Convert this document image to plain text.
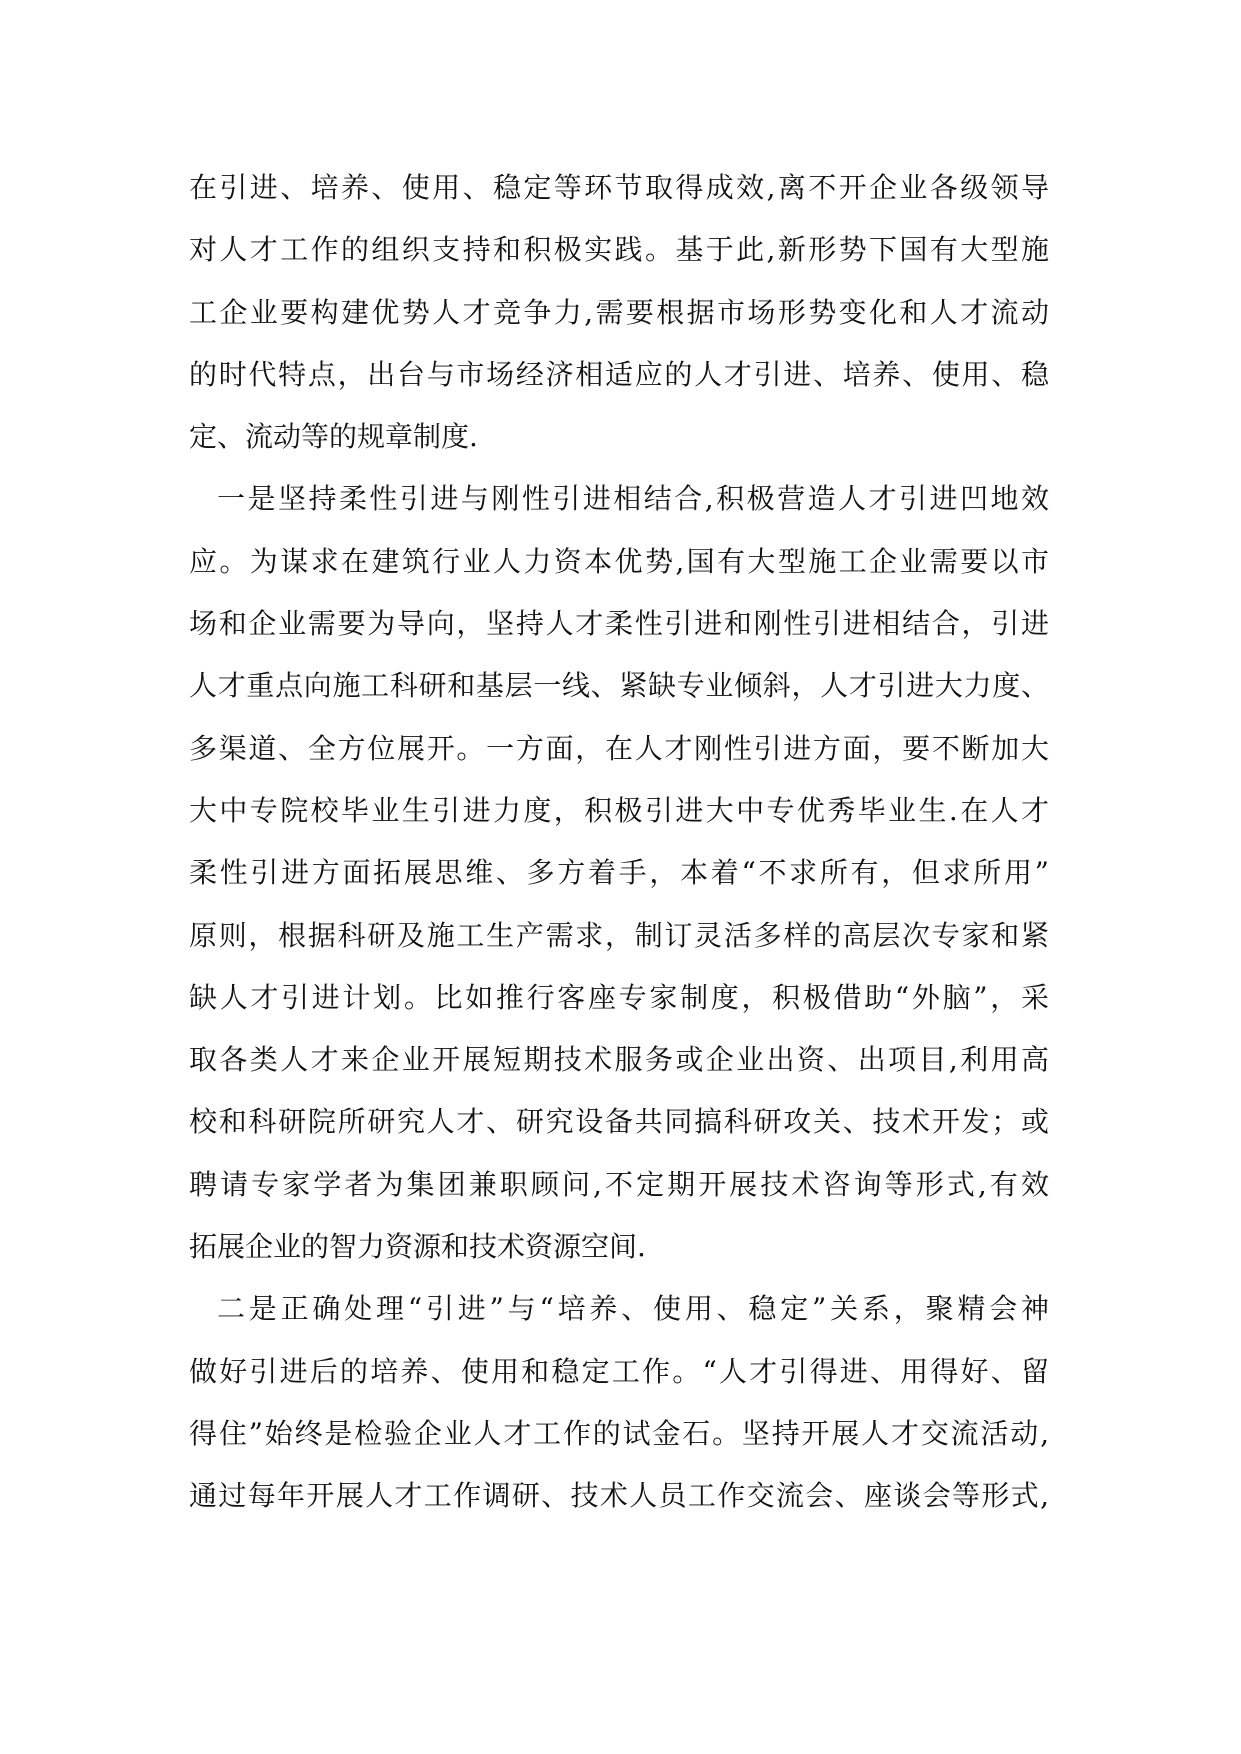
在引进、培养、使用、稳定等环节取得成效,离不开企业各级领导
对人才工作的组织支持和积极实践。基于此,新形势下国有大型施
工企业要构建优势人才竞争力,需要根据市场形势变化和人才流动
的时代特点，出台与市场经济相适应的人才引进、培养、使用、稳
定、流动等的规章制度.
一是坚持柔性引进与刚性引进相结合,积极营造人才引进凹地效
应。为谋求在建筑行业人力资本优势,国有大型施工企业需要以市
场和企业需要为导向，坚持人才柔性引进和刚性引进相结合，引进
人才重点向施工科研和基层一线、紧缺专业倾斜，人才引进大力度、
多渠道、全方位展开。一方面，在人才刚性引进方面，要不断加大
大中专院校毕业生引进力度，积极引进大中专优秀毕业生.在人才
柔性引进方面拓展思维、多方着手，本着“不求所有，但求所用”
原则，根据科研及施工生产需求，制订灵活多样的高层次专家和紧
缺人才引进计划。比如推行客座专家制度，积极借助“外脑”，采
取各类人才来企业开展短期技术服务或企业出资、出项目,利用高
校和科研院所研究人才、研究设备共同搞科研攻关、技术开发；或
聘请专家学者为集团兼职顾问,不定期开展技术咨询等形式,有效
拓展企业的智力资源和技术资源空间.
二是正确处理“引进”与“培养、使用、稳定”关系，聚精会神
做好引进后的培养、使用和稳定工作。“人才引得进、用得好、留
得住”始终是检验企业人才工作的试金石。坚持开展人才交流活动,
通过每年开展人才工作调研、技术人员工作交流会、座谈会等形式,
